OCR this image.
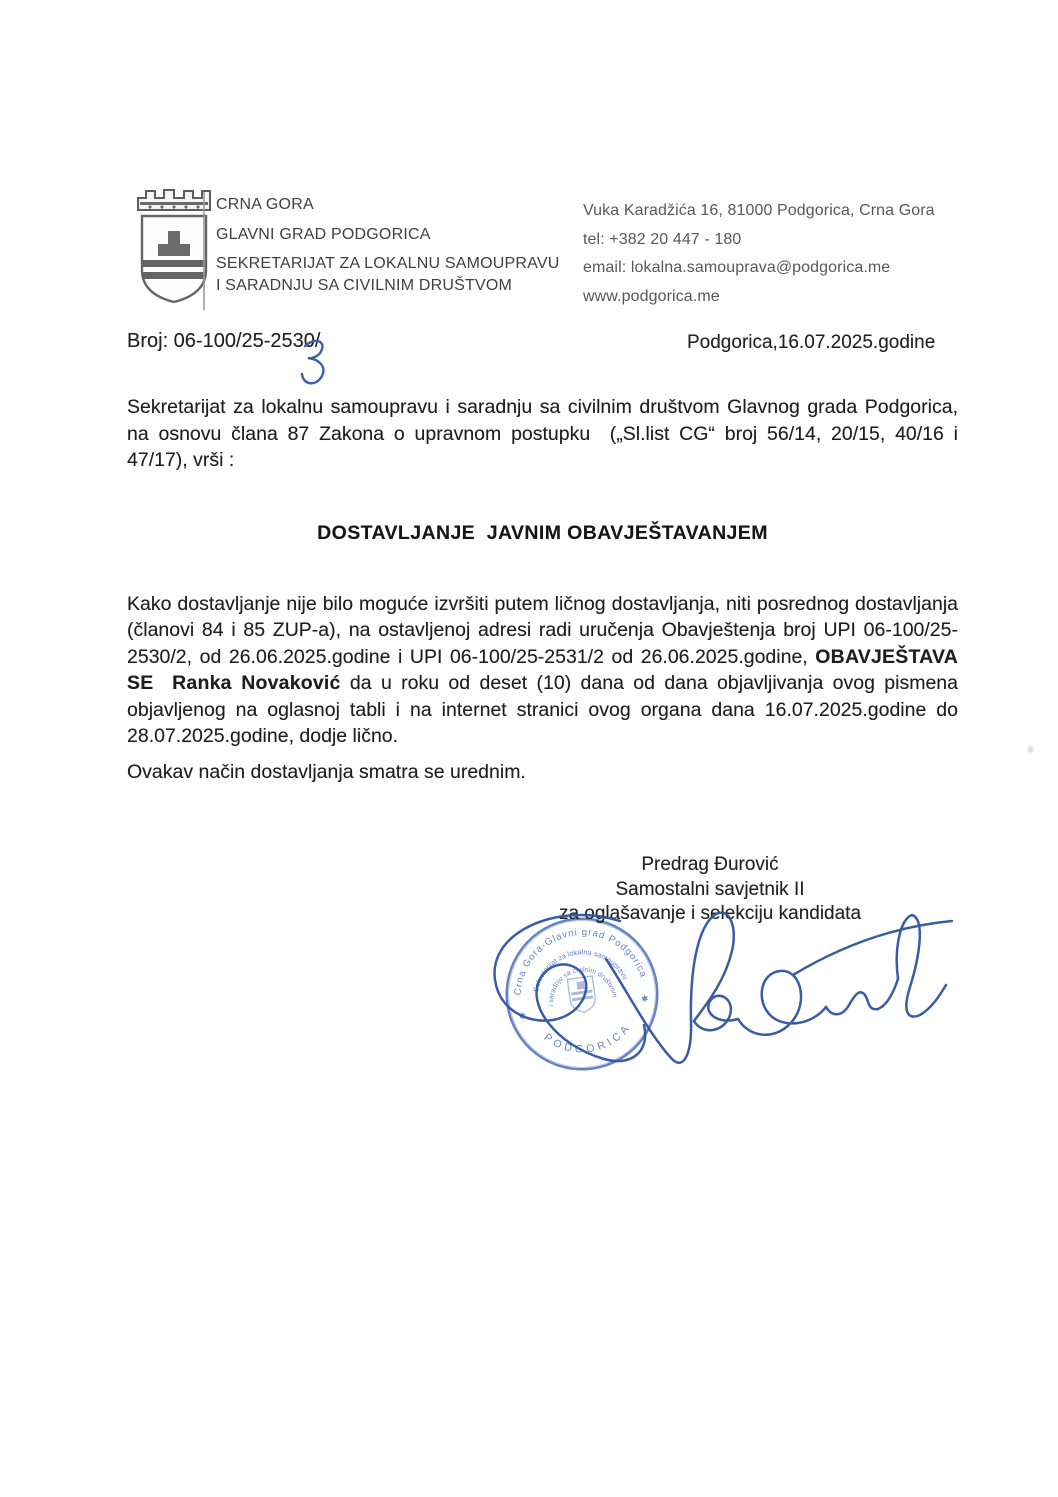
CRNA GORA
GLAVNI GRAD PODGORICA
SEKRETARIJAT ZA LOKALNU SAMOUPRAVU
I SARADNJU SA CIVILNIM DRUŠTVOM
Vuka Karadžića 16, 81000 Podgorica, Crna Gora
tel: +382 20 447 - 180
email: lokalna.samouprava@podgorica.me
www.podgorica.me
Broj: 06-100/25-2530/	Podgorica,16.07.2025.godine

Sekretarijat za lokalnu samoupravu i saradnju sa civilnim društvom Glavnog grada Podgorica, na osnovu člana 87 Zakona o upravnom postupku  („Sl.list CG“ broj 56/14, 20/15, 40/16 i 47/17), vrši :

DOSTAVLJANJE  JAVNIM OBAVJEŠTAVANJEM

Kako dostavljanje nije bilo moguće izvršiti putem ličnog dostavljanja, niti posrednog dostavljanja (članovi 84 i 85 ZUP-a), na ostavljenoj adresi radi uručenja Obavještenja broj UPI 06-100/25-2530/2, od 26.06.2025.godine i UPI 06-100/25-2531/2 od 26.06.2025.godine, OBAVJEŠTAVA SE Ranka Novaković da u roku od deset (10) dana od dana objavljivanja ovog pismena objavljenog na oglasnoj tabli i na internet stranici ovog organa dana 16.07.2025.godine do 28.07.2025.godine, dodje lično.

Ovakav način dostavljanja smatra se urednim.

Predrag Đurović
Samostalni savjetnik II
za oglašavanje i selekciju kandidata
Crna Gora-Glavni grad Podgorica
Sekretarijat za lokalnu samoupravu
i saradnju sa civilnim društvom
PODGORICA
✱
✱
